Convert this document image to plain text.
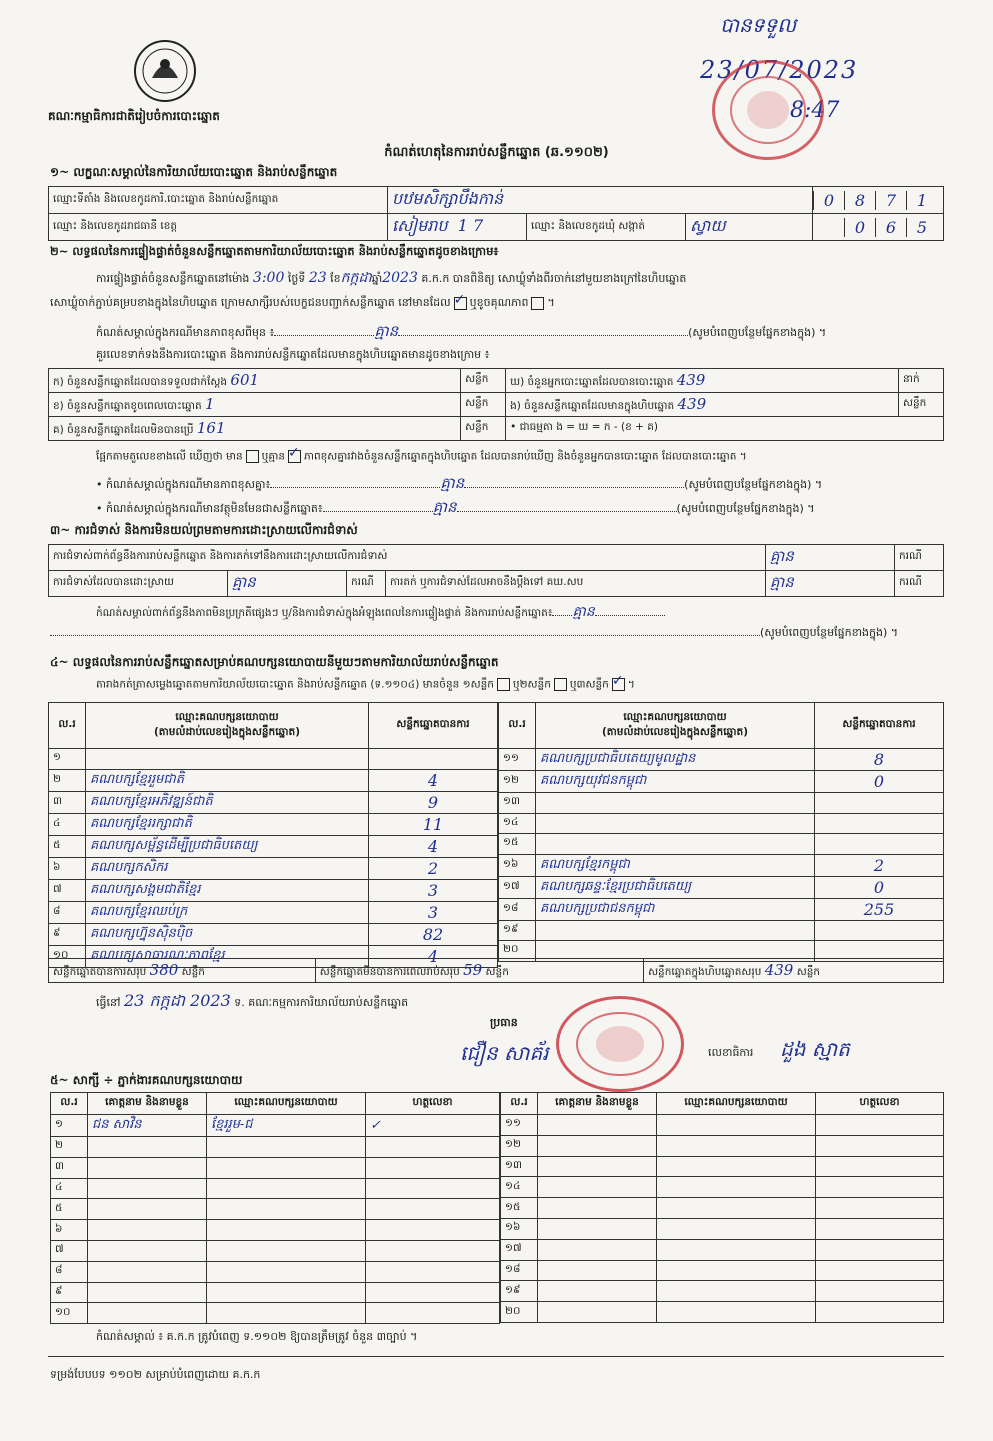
គណៈកម្មាធិការជាតិរៀបចំការបោះឆ្នោត
បានទទួល
23/07/2023
8:47
កំណត់ហេតុនៃការរាប់សន្លឹកឆ្នោត (ឆ.១១០២)
១~ លក្ខណៈសម្គាល់នៃការិយាល័យបោះឆ្នោត និងរាប់សន្លឹកឆ្នោត
ឈ្មោះទីតាំង និងលេខកូដការិ.បោះឆ្នោត និងរាប់សន្លឹកឆ្នោត	បឋមសិក្សាបឹងកាន់			0 8 7 1
ឈ្មោះ និងលេខកូដរាជធានី ខេត្ត	សៀមរាប 1 7	ឈ្មោះ និងលេខកូដឃុំ សង្កាត់	ស្វាយ	0 6 5
២~ លទ្ធផលនៃការផ្ទៀងផ្ទាត់ចំនួនសន្លឹកឆ្នោតតាមការិយាល័យបោះឆ្នោត និងរាប់សន្លឹកឆ្នោតដូចខាងក្រោម៖
ការផ្ទៀងផ្ទាត់ចំនួនសន្លឹកឆ្នោតនៅម៉ោង 3:00 ថ្ងៃទី 23 ខែកក្កដាឆ្នាំ2023 គ.ក.ក បានពិនិត្យ សោឃ្លុំទាំងពីរចាក់នៅមួយខាងក្រៅនៃហិបឆ្នោត
សោឃ្លុំចាក់ភ្ជាប់គម្របខាងក្នុងនៃហិបឆ្នោត ក្រោមសាក្សីរបស់បេក្ខជនបញ្ជាក់សន្លឹកឆ្នោត នៅមានដែល ✓ ឬខូចគុណភាព ។
កំណត់សម្គាល់ក្នុងករណីមានភាពខុសពីមុន ៖	គ្មាន	(សូមបំពេញបន្ថែមផ្នែកខាងក្នុង) ។
គួរលេខទាក់ទងនឹងការបោះឆ្នោត និងការរាប់សន្លឹកឆ្នោតដែលមានក្នុងហិបឆ្នោតមានដូចខាងក្រោម ៖
ក) ចំនួនសន្លឹកឆ្នោតដែលបានទទួលជាក់ស្តែង 601	សន្លឹក	ឃ) ចំនួនអ្នកបោះឆ្នោតដែលបានបោះឆ្នោត 439	នាក់
ខ) ចំនួនសន្លឹកឆ្នោតខូចពេលបោះឆ្នោត 1	សន្លឹក	ង) ចំនួនសន្លឹកឆ្នោតដែលមានក្នុងហិបឆ្នោត 439	សន្លឹក
គ) ចំនួនសន្លឹកឆ្នោតដែលមិនបានប្រើ 161	សន្លឹក	• ជាធម្មតា ង = ឃ = ក - (ខ + គ)	
ផ្អែកតាមតួលេខខាងលើ ឃើញថា មាន ឬគ្មាន ✓ ភាពខុសគ្នារវាងចំនួនសន្លឹកឆ្នោតក្នុងហិបឆ្នោត ដែលបានរាប់ឃើញ និងចំនួនអ្នកបានបោះឆ្នោត ដែលបានបោះឆ្នោត ។
• កំណត់សម្គាល់ក្នុងករណីមានភាពខុសគ្នា៖	គ្មាន	(សូមបំពេញបន្ថែមផ្នែកខាងក្នុង) ។
• កំណត់សម្គាល់ក្នុងករណីមានវត្ថុមិនមែនជាសន្លឹកឆ្នោត៖	គ្មាន	(សូមបំពេញបន្ថែមផ្នែកខាងក្នុង) ។
៣~ ការជំទាស់ និងការមិនយល់ព្រមតាមការដោះស្រាយលើការជំទាស់
ការជំទាស់ពាក់ព័ន្ធនឹងការរាប់សន្លឹកឆ្នោត និងការតក់ទៅនឹងការដោះស្រាយលើការជំទាស់				គ្មាន	ករណី
ការជំទាស់ដែលបានដោះស្រាយ	គ្មាន	ករណី	ការតក់ ឬការជំទាស់ដែលអាចនឹងប្តឹងទៅ គឃ.សប	គ្មាន	ករណី
កំណត់សម្គាល់ពាក់ព័ន្ធនឹងភាពមិនប្រក្រតីផ្សេងៗ ឬ/និងការជំទាស់ក្នុងអំឡុងពេលនៃការផ្ទៀងផ្ទាត់ និងការរាប់សន្លឹកឆ្នោត៖ គ្មាន
(សូមបំពេញបន្ថែមផ្នែកខាងក្នុង) ។
៤~ លទ្ធផលនៃការរាប់សន្លឹកឆ្នោតសម្រាប់គណបក្សនយោបាយនីមួយៗតាមការិយាល័យរាប់សន្លឹកឆ្នោត
តារាងកត់ត្រាសម្លេងឆ្នោតតាមការិយាល័យបោះឆ្នោត និងរាប់សន្លឹកឆ្នោត (ទ.១១០៤) មានចំនួន ១សន្លឹក ឬ២សន្លឹក ឬ៣សន្លឹក ✓ ។
ល.រ	ឈ្មោះគណបក្សនយោបាយ
(តាមលំដាប់លេខរៀងក្នុងសន្លឹកឆ្នោត)	សន្លឹកឆ្នោតបានការ
១		
២	គណបក្សខ្មែររួមជាតិ	4
៣	គណបក្សខ្មែរអភិវឌ្ឍន៍ជាតិ	9
៤	គណបក្សខ្មែររក្សាជាតិ	11
៥	គណបក្សសម្ព័ន្ធដើម្បីប្រជាធិបតេយ្យ	4
៦	គណបក្សកសិករ	2
៧	គណបក្សសង្គមជាតិខ្មែរ	3
៨	គណបក្សខ្មែរឈប់ក្រ	3
៩	គណបក្សហ្វ៊ុនស៊ិនប៉ិច	82
១០	គណបក្សសាធារណៈភាពខ្មែរ	4
ល.រ	ឈ្មោះគណបក្សនយោបាយ
(តាមលំដាប់លេខរៀងក្នុងសន្លឹកឆ្នោត)	សន្លឹកឆ្នោតបានការ
១១	គណបក្សប្រជាធិបតេយ្យមូលដ្ឋាន	8
១២	គណបក្សយុវជនកម្ពុជា	0
១៣		
១៤		
១៥		
១៦	គណបក្សខ្មែរកម្ពុជា	2
១៧	គណបក្សឆន្ទៈខ្មែរប្រជាធិបតេយ្យ	0
១៨	គណបក្សប្រជាជនកម្ពុជា	255
១៩		
២០		
សន្លឹកឆ្នោតបានការសរុប 380 សន្លឹក	សន្លឹកឆ្នោតមិនបានការពេលរាប់សរុប 59 សន្លឹក	សន្លឹកឆ្នោតក្នុងហិបឆ្នោតសរុប 439 សន្លឹក
ធ្វើនៅ 23 កក្កដា 2023 ទ. គណៈកម្មការការិយាល័យរាប់សន្លឹកឆ្នោត
ប្រធាន
ជឿន សាគ័រ	លេខាធិការ ដួង ស្មាត
៥~ សាក្សី ÷ ភ្នាក់ងារគណបក្សនយោបាយ
ល.រ	គោត្តនាម និងនាមខ្លួន	ឈ្មោះគណបក្សនយោបាយ	ហត្ថលេខា
១	ជន សាវិន	ខ្មែររួម-ជ	✓
២			
៣			
៤			
៥			
៦			
៧			
៨			
៩			
១០			
ល.រ	គោត្តនាម និងនាមខ្លួន	ឈ្មោះគណបក្សនយោបាយ	ហត្ថលេខា
១១			
១២			
១៣			
១៤			
១៥			
១៦			
១៧			
១៨			
១៩			
២០			
កំណត់សម្គាល់ ៖ គ.ក.ក ត្រូវបំពេញ ទ.១១០២ ឱ្យបានត្រឹមត្រូវ ចំនួន ៣ច្បាប់ ។
ទម្រង់បែបបទ ១១០២ សម្រាប់បំពេញដោយ គ.ក.ក
